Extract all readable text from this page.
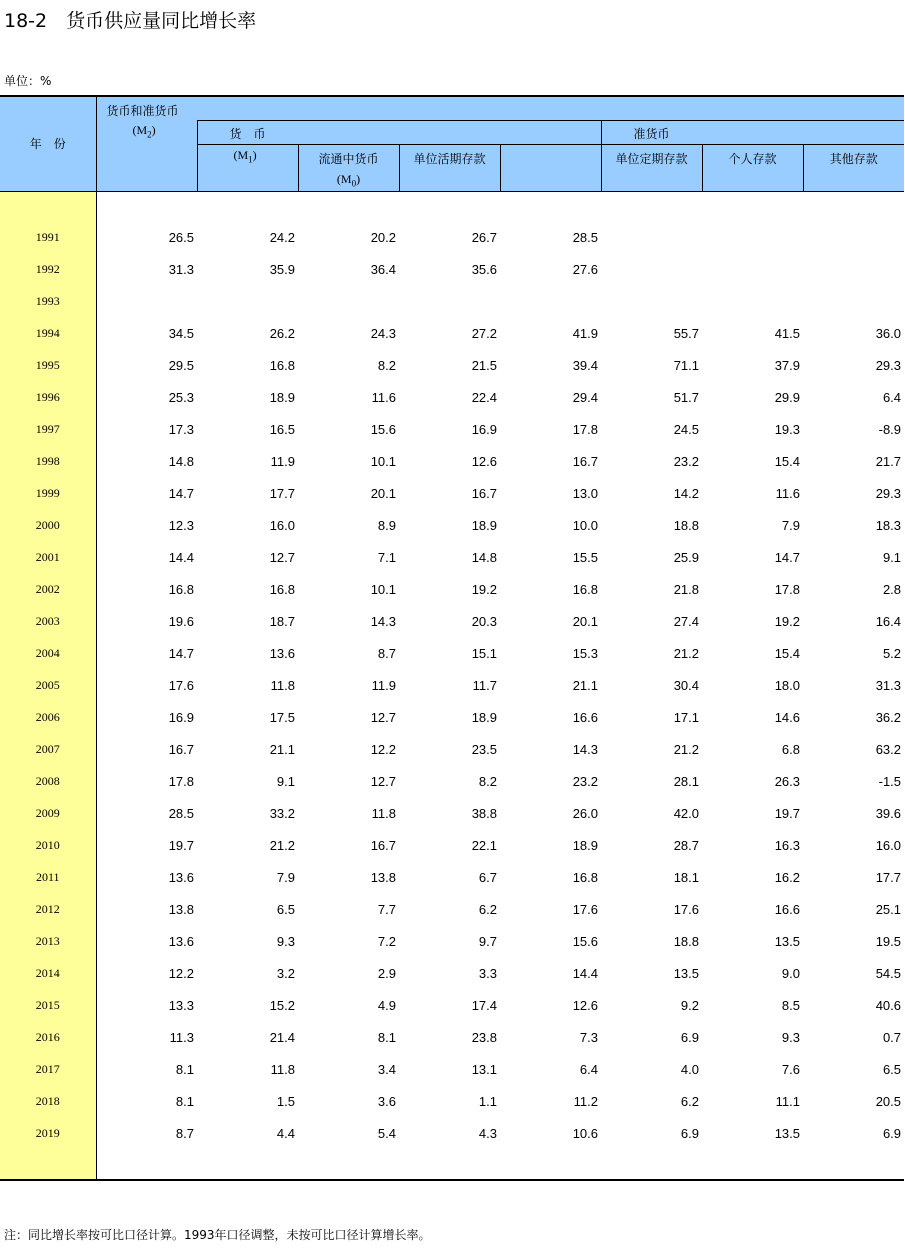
18-2　货币供应量同比增长率
单位：%
年　份	货币和准货币							
	$(M_2)$	货　币				准货币		
		$(M_1)$	流通中货币	单位活期存款		单位定期存款	个人存款	其他存款
			$(M_0)$					

1991	26.5	24.2	20.2	26.7	28.5			
1992	31.3	35.9	36.4	35.6	27.6			
1993								
1994	34.5	26.2	24.3	27.2	41.9	55.7	41.5	36.0
1995	29.5	16.8	8.2	21.5	39.4	71.1	37.9	29.3
1996	25.3	18.9	11.6	22.4	29.4	51.7	29.9	6.4
1997	17.3	16.5	15.6	16.9	17.8	24.5	19.3	-8.9
1998	14.8	11.9	10.1	12.6	16.7	23.2	15.4	21.7
1999	14.7	17.7	20.1	16.7	13.0	14.2	11.6	29.3
2000	12.3	16.0	8.9	18.9	10.0	18.8	7.9	18.3
2001	14.4	12.7	7.1	14.8	15.5	25.9	14.7	9.1
2002	16.8	16.8	10.1	19.2	16.8	21.8	17.8	2.8
2003	19.6	18.7	14.3	20.3	20.1	27.4	19.2	16.4
2004	14.7	13.6	8.7	15.1	15.3	21.2	15.4	5.2
2005	17.6	11.8	11.9	11.7	21.1	30.4	18.0	31.3
2006	16.9	17.5	12.7	18.9	16.6	17.1	14.6	36.2
2007	16.7	21.1	12.2	23.5	14.3	21.2	6.8	63.2
2008	17.8	9.1	12.7	8.2	23.2	28.1	26.3	-1.5
2009	28.5	33.2	11.8	38.8	26.0	42.0	19.7	39.6
2010	19.7	21.2	16.7	22.1	18.9	28.7	16.3	16.0
2011	13.6	7.9	13.8	6.7	16.8	18.1	16.2	17.7
2012	13.8	6.5	7.7	6.2	17.6	17.6	16.6	25.1
2013	13.6	9.3	7.2	9.7	15.6	18.8	13.5	19.5
2014	12.2	3.2	2.9	3.3	14.4	13.5	9.0	54.5
2015	13.3	15.2	4.9	17.4	12.6	9.2	8.5	40.6
2016	11.3	21.4	8.1	23.8	7.3	6.9	9.3	0.7
2017	8.1	11.8	3.4	13.1	6.4	4.0	7.6	6.5
2018	8.1	1.5	3.6	1.1	11.2	6.2	11.1	20.5
2019	8.7	4.4	5.4	4.3	10.6	6.9	13.5	6.9

注：同比增长率按可比口径计算。1993年口径调整，未按可比口径计算增长率。
